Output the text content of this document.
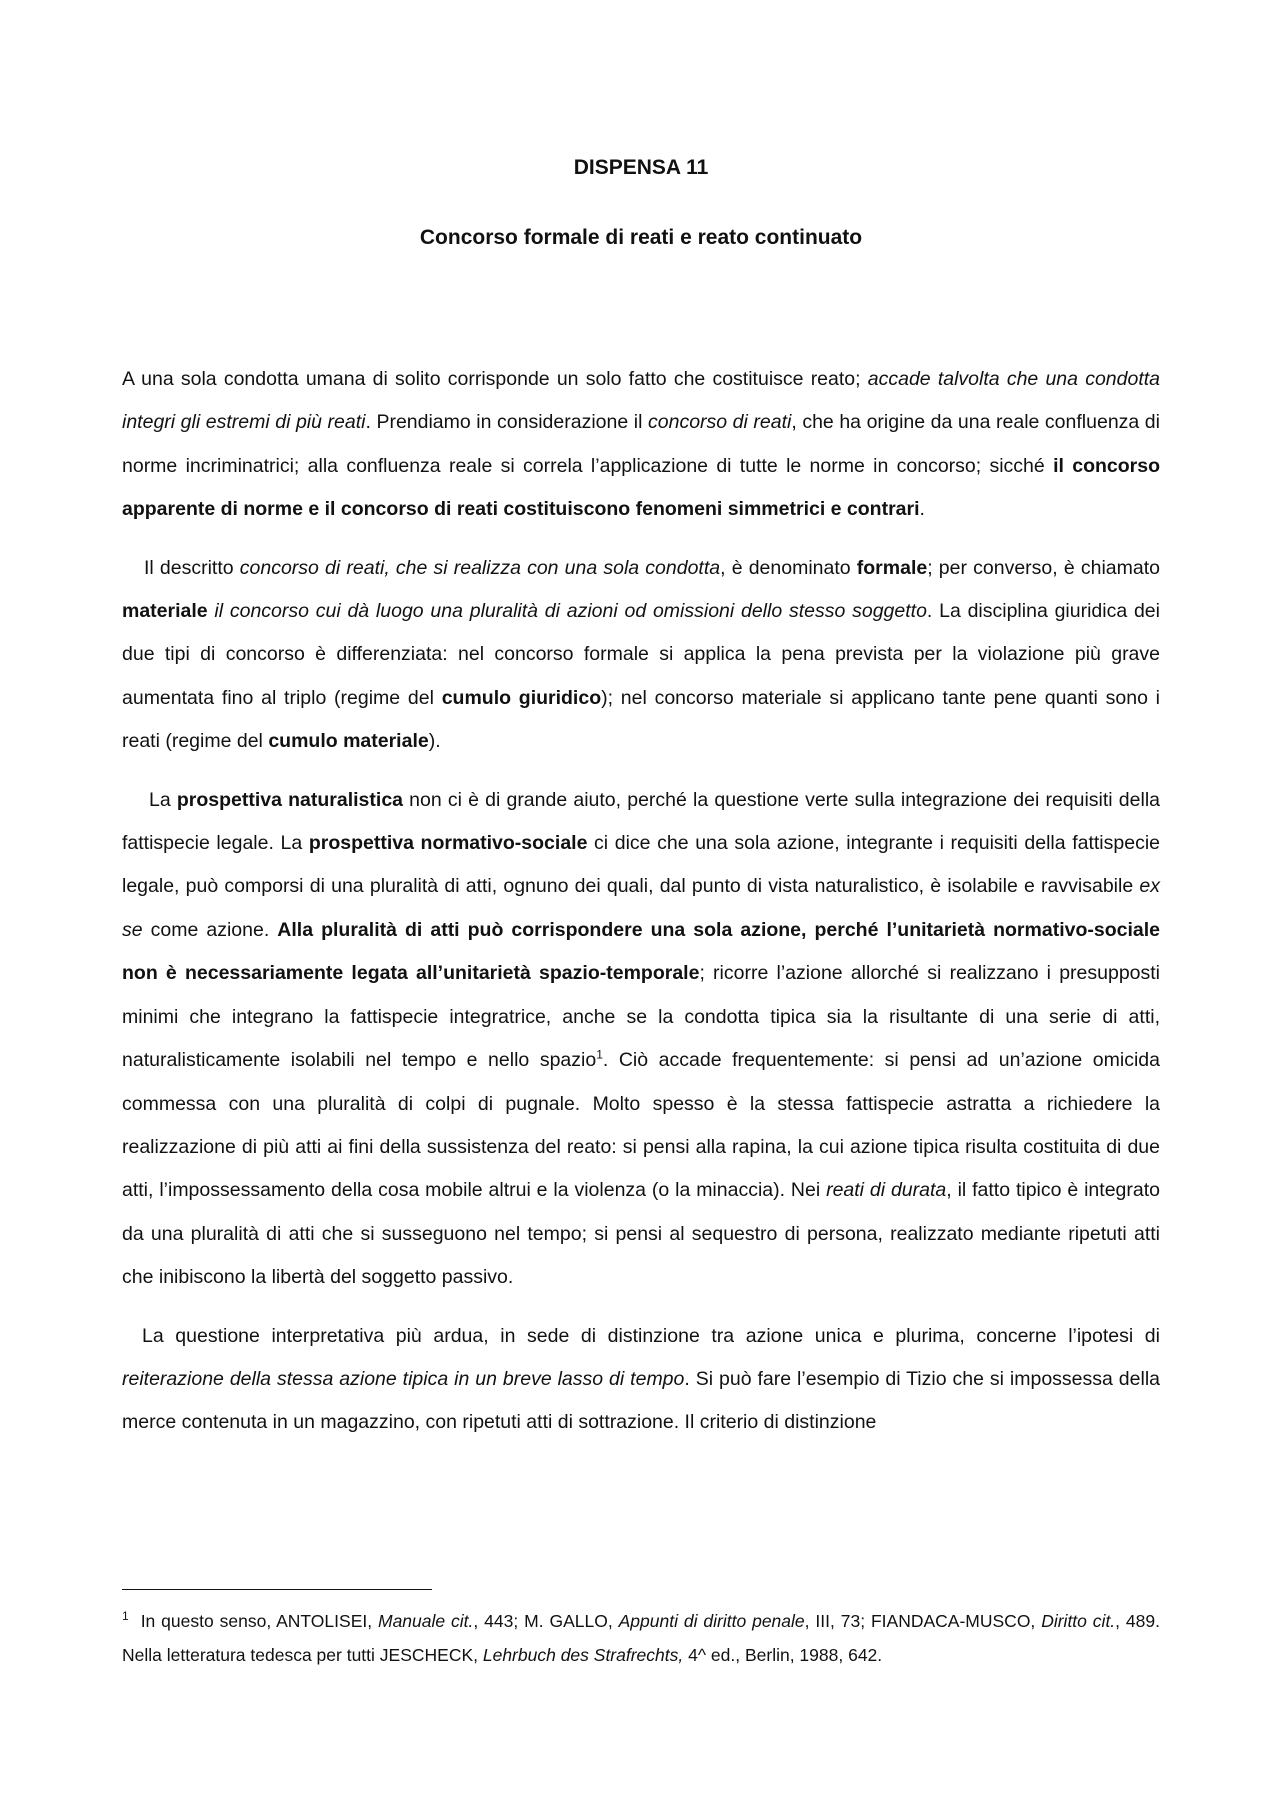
DISPENSA 11
Concorso formale di reati e reato continuato

A una sola condotta umana di solito corrisponde un solo fatto che costituisce reato; accade talvolta che una condotta integri gli estremi di più reati. Prendiamo in considerazione il concorso di reati, che ha origine da una reale confluenza di norme incriminatrici; alla confluenza reale si correla l’applicazione di tutte le norme in concorso; sicché il concorso apparente di norme e il concorso di reati costituiscono fenomeni simmetrici e contrari.

Il descritto concorso di reati, che si realizza con una sola condotta, è denominato formale; per converso, è chiamato materiale il concorso cui dà luogo una pluralità di azioni od omissioni dello stesso soggetto. La disciplina giuridica dei due tipi di concorso è differenziata: nel concorso formale si applica la pena prevista per la violazione più grave aumentata fino al triplo (regime del cumulo giuridico); nel concorso materiale si applicano tante pene quanti sono i reati (regime del cumulo materiale).

La prospettiva naturalistica non ci è di grande aiuto, perché la questione verte sulla integrazione dei requisiti della fattispecie legale. La prospettiva normativo-sociale ci dice che una sola azione, integrante i requisiti della fattispecie legale, può comporsi di una pluralità di atti, ognuno dei quali, dal punto di vista naturalistico, è isolabile e ravvisabile ex se come azione. Alla pluralità di atti può corrispondere una sola azione, perché l’unitarietà normativo-sociale non è necessariamente legata all’unitarietà spazio-temporale; ricorre l’azione allorché si realizzano i presupposti minimi che integrano la fattispecie integratrice, anche se la condotta tipica sia la risultante di una serie di atti, naturalisticamente isolabili nel tempo e nello spazio$^1$. Ciò accade frequentemente: si pensi ad un’azione omicida commessa con una pluralità di colpi di pugnale. Molto spesso è la stessa fattispecie astratta a richiedere la realizzazione di più atti ai fini della sussistenza del reato: si pensi alla rapina, la cui azione tipica risulta costituita di due atti, l’impossessamento della cosa mobile altrui e la violenza (o la minaccia). Nei reati di durata, il fatto tipico è integrato da una pluralità di atti che si susseguono nel tempo; si pensi al sequestro di persona, realizzato mediante ripetuti atti che inibiscono la libertà del soggetto passivo.

La questione interpretativa più ardua, in sede di distinzione tra azione unica e plurima, concerne l’ipotesi di reiterazione della stessa azione tipica in un breve lasso di tempo. Si può fare l’esempio di Tizio che si impossessa della merce contenuta in un magazzino, con ripetuti atti di sottrazione. Il criterio di distinzione

$^1$ In questo senso, ANTOLISEI, Manuale cit., 443; M. GALLO, Appunti di diritto penale, III, 73; FIANDACA-MUSCO, Diritto cit., 489. Nella letteratura tedesca per tutti JESCHECK, Lehrbuch des Strafrechts, 4^ ed., Berlin, 1988, 642.
